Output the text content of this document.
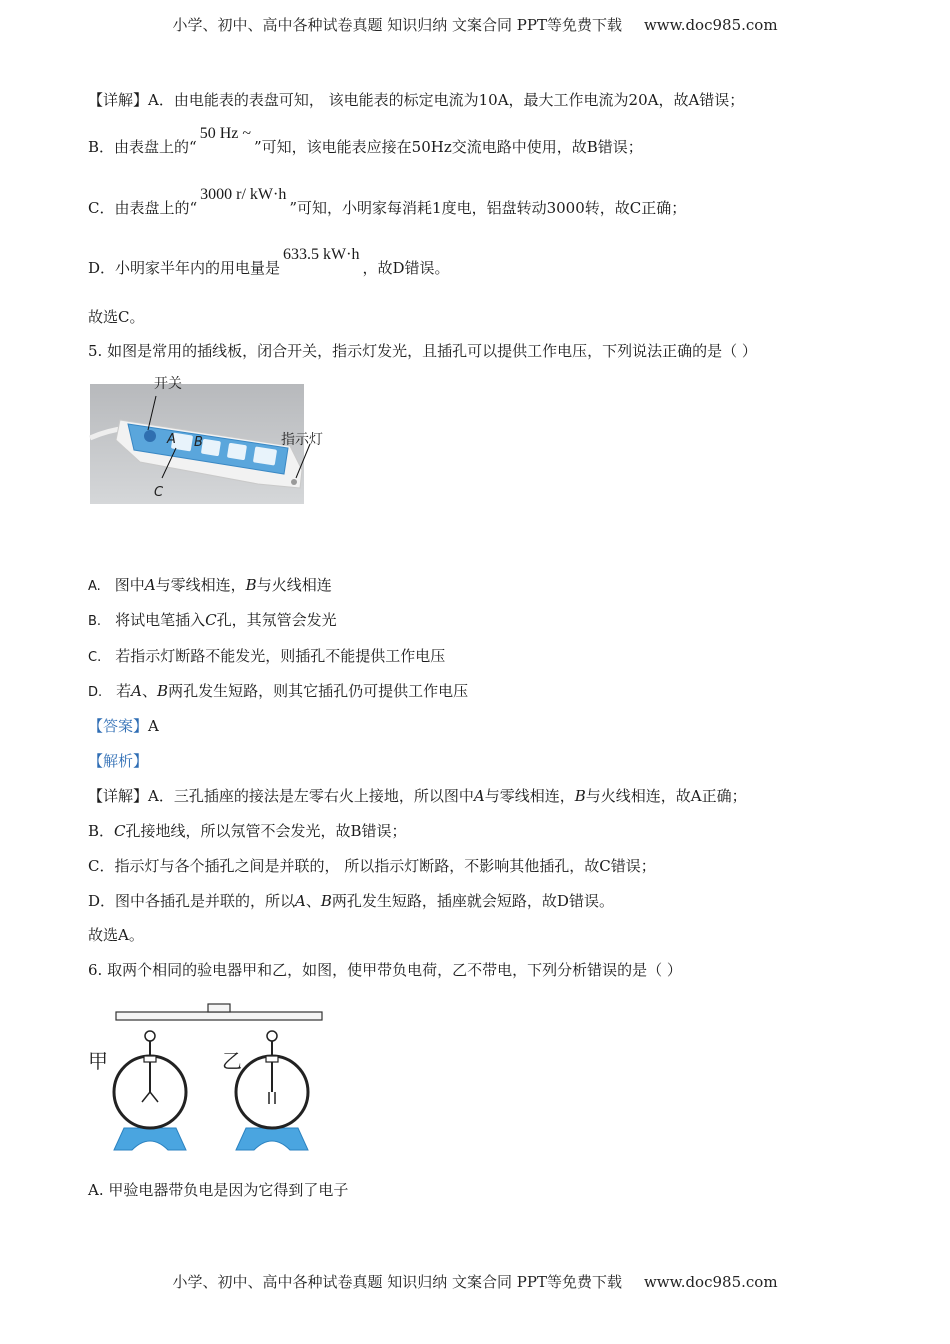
小学、初中、高中各种试卷真题 知识归纳 文案合同 PPT等免费下载 www.doc985.com
【详解】A．由电能表的表盘可知， 该电能表的标定电流为10A，最大工作电流为20A，故A错误；
B．由表盘上的“50 Hz ~”可知，该电能表应接在50Hz交流电路中使用，故B错误；
C．由表盘上的“3000 r/ kW·h”可知，小明家每消耗1度电，铝盘转动3000转，故C正确；
D．小明家半年内的用电量是633.5 kW·h，故D错误。
故选C。
5. 如图是常用的插线板，闭合开关，指示灯发光，且插孔可以提供工作电压，下列说法正确的是（ ）
开关
指示灯
A B
C
A. 图中A与零线相连，B与火线相连
B. 将试电笔插入C孔，其氖管会发光
C. 若指示灯断路不能发光，则插孔不能提供工作电压
D. 若A、B两孔发生短路，则其它插孔仍可提供工作电压
【答案】A
【解析】
【详解】A．三孔插座的接法是左零右火上接地，所以图中A与零线相连，B与火线相连，故A正确；
B．C孔接地线，所以氖管不会发光，故B错误；
C．指示灯与各个插孔之间是并联的， 所以指示灯断路，不影响其他插孔，故C错误；
D．图中各插孔是并联的，所以A、B两孔发生短路，插座就会短路，故D错误。
故选A。
6. 取两个相同的验电器甲和乙，如图，使甲带负电荷，乙不带电，下列分析错误的是（ ）
甲	乙
A. 甲验电器带负电是因为它得到了电子
小学、初中、高中各种试卷真题 知识归纳 文案合同 PPT等免费下载 www.doc985.com
